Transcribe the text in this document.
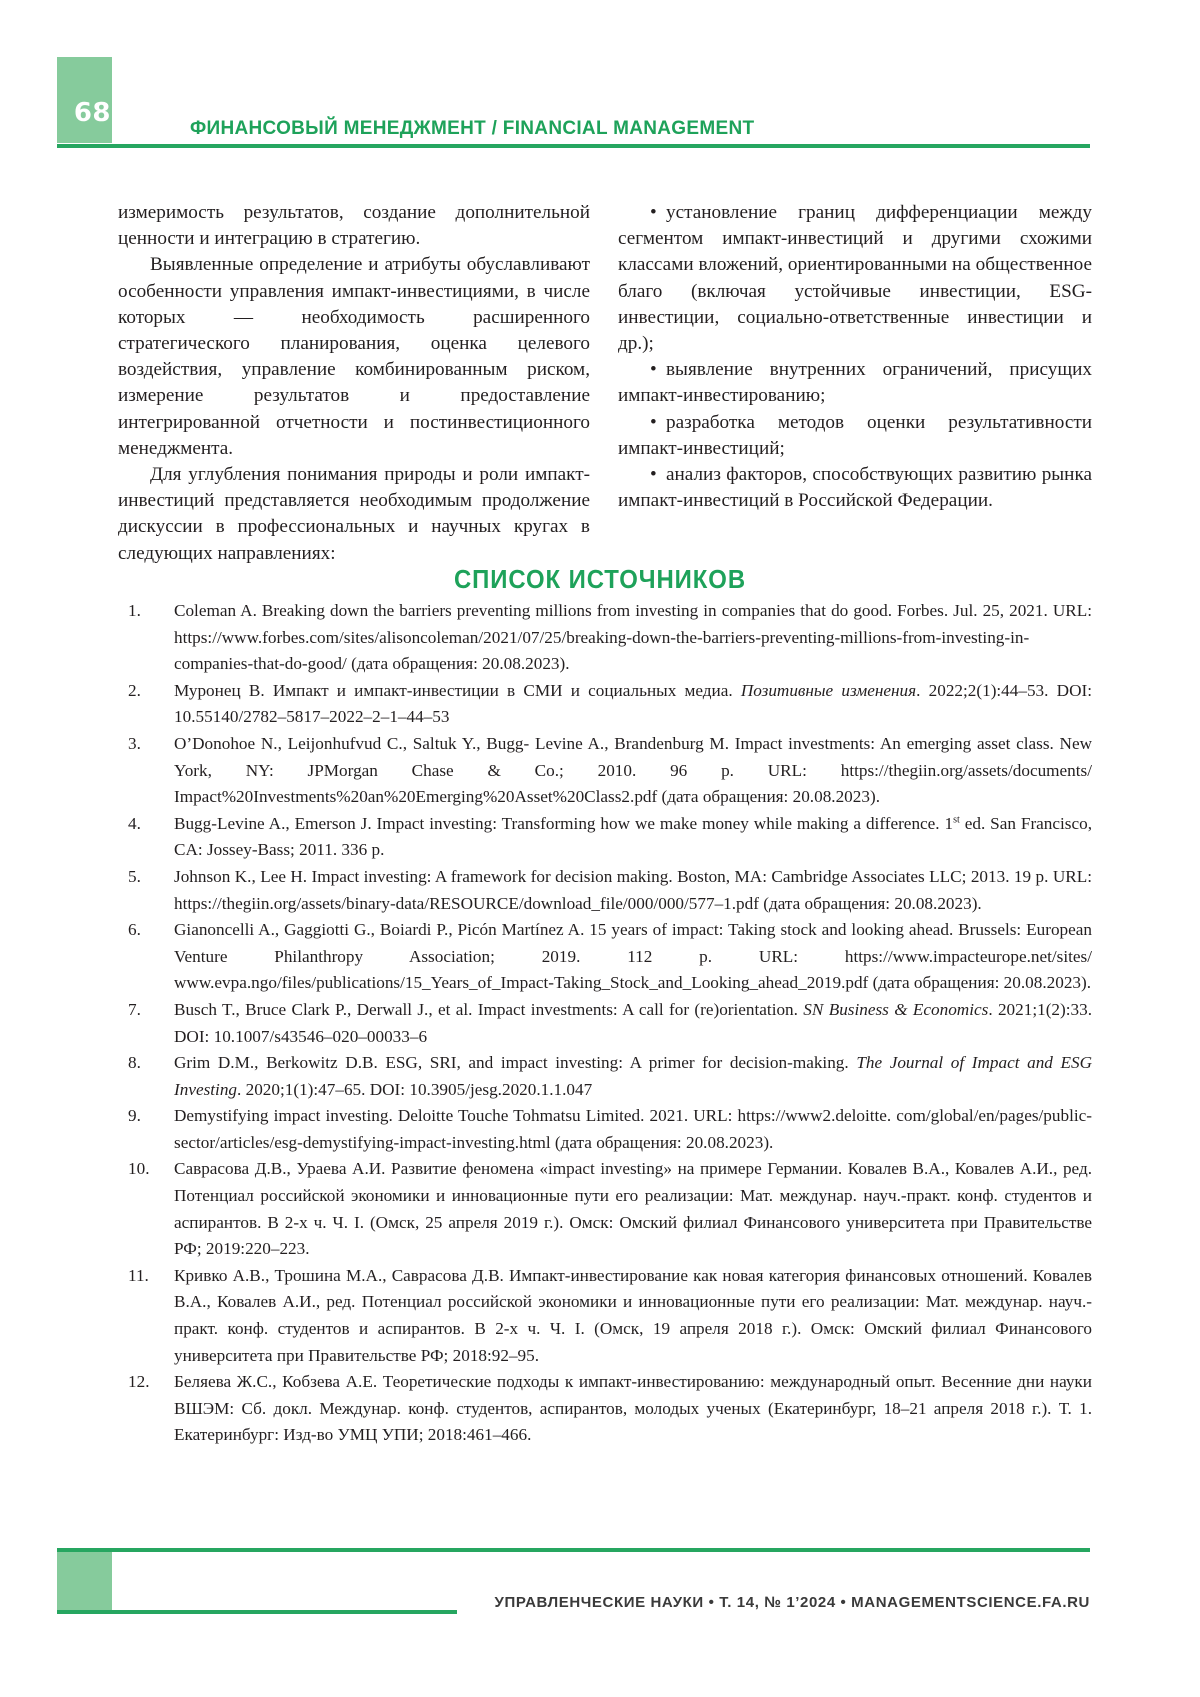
68
ФИНАНСОВЫЙ МЕНЕДЖМЕНТ / FINANCIAL MANAGEMENT

измеримость результатов, создание дополнительной ценности и интеграцию в стратегию.

Выявленные определение и атрибуты обуславливают особенности управления импакт-инвестициями, в числе которых — необходимость расширенного стратегического планирования, оценка целевого воздействия, управление комбинированным риском, измерение результатов и предоставление интегрированной отчетности и постинвестиционного менеджмента.

Для углубления понимания природы и роли импакт-инвестиций представляется необходимым продолжение дискуссии в профессиональных и научных кругах в следующих направлениях:

• установление границ дифференциации между сегментом импакт-инвестиций и другими схожими классами вложений, ориентированными на общественное благо (включая устойчивые инвестиции, ESG-инвестиции, социально-ответственные инвестиции и др.);

• выявление внутренних ограничений, присущих импакт-инвестированию;

• разработка методов оценки результативности импакт-инвестиций;

• анализ факторов, способствующих развитию рынка импакт-инвестиций в Российской Федерации.

СПИСОК ИСТОЧНИКОВ
1. Coleman A. Breaking down the barriers preventing millions from investing in companies that do good. Forbes. Jul. 25, 2021. URL: https://www.forbes.com/sites/alisoncoleman/2021/07/25/breaking-down-the-barriers-preventing-millions-from-investing-in-companies-that-do-good/ (дата обращения: 20.08.2023).
2. Муронец В. Импакт и импакт-инвестиции в СМИ и социальных медиа. Позитивные изменения. 2022;2(1):44–53. DOI: 10.55140/2782–5817–2022–2–1–44–53
3. O’Donohoe N., Leijonhufvud C., Saltuk Y., Bugg- Levine A., Brandenburg M. Impact investments: An emerging asset class. New York, NY: JPMorgan Chase & Co.; 2010. 96 p. URL: https://thegiin.org/assets/documents/ Impact%20Investments%20an%20Emerging%20Asset%20Class2.pdf (дата обращения: 20.08.2023).
4. Bugg-Levine A., Emerson J. Impact investing: Transforming how we make money while making a difference. 1st ed. San Francisco, CA: Jossey-Bass; 2011. 336 p.
5. Johnson K., Lee H. Impact investing: A framework for decision making. Boston, MA: Cambridge Associates LLC; 2013. 19 p. URL: https://thegiin.org/assets/binary-data/RESOURCE/download_file/000/000/577–1.pdf (дата обращения: 20.08.2023).
6. Gianoncelli A., Gaggiotti G., Boiardi P., Picón Martínez A. 15 years of impact: Taking stock and looking ahead. Brussels: European Venture Philanthropy Association; 2019. 112 p. URL: https://www.impacteurope.net/sites/ www.evpa.ngo/files/publications/15_Years_of_Impact-Taking_Stock_and_Looking_ahead_2019.pdf (дата обращения: 20.08.2023).
7. Busch T., Bruce Clark P., Derwall J., et al. Impact investments: A call for (re)orientation. SN Business & Economics. 2021;1(2):33. DOI: 10.1007/s43546–020–00033–6
8. Grim D.M., Berkowitz D.B. ESG, SRI, and impact investing: A primer for decision-making. The Journal of Impact and ESG Investing. 2020;1(1):47–65. DOI: 10.3905/jesg.2020.1.1.047
9. Demystifying impact investing. Deloitte Touche Tohmatsu Limited. 2021. URL: https://www2.deloitte. com/global/en/pages/public-sector/articles/esg-demystifying-impact-investing.html (дата обращения: 20.08.2023).
10. Саврасова Д.В., Ураева А.И. Развитие феномена «impact investing» на примере Германии. Ковалев В.А., Ковалев А.И., ред. Потенциал российской экономики и инновационные пути его реализации: Мат. междунар. науч.-практ. конф. студентов и аспирантов. В 2-х ч. Ч. I. (Омск, 25 апреля 2019 г.). Омск: Омский филиал Финансового университета при Правительстве РФ; 2019:220–223.
11. Кривко А.В., Трошина М.А., Саврасова Д.В. Импакт-инвестирование как новая категория финансовых отношений. Ковалев В.А., Ковалев А.И., ред. Потенциал российской экономики и инновационные пути его реализации: Мат. междунар. науч.-практ. конф. студентов и аспирантов. В 2-х ч. Ч. I. (Омск, 19 апреля 2018 г.). Омск: Омский филиал Финансового университета при Правительстве РФ; 2018:92–95.
12. Беляева Ж.С., Кобзева А.Е. Теоретические подходы к импакт-инвестированию: международный опыт. Весенние дни науки ВШЭМ: Сб. докл. Междунар. конф. студентов, аспирантов, молодых ученых (Екатеринбург, 18–21 апреля 2018 г.). Т. 1. Екатеринбург: Изд-во УМЦ УПИ; 2018:461–466.
УПРАВЛЕНЧЕСКИЕ НАУКИ • Т. 14, № 1’2024 • MANAGEMENTSCIENCE.FA.RU
